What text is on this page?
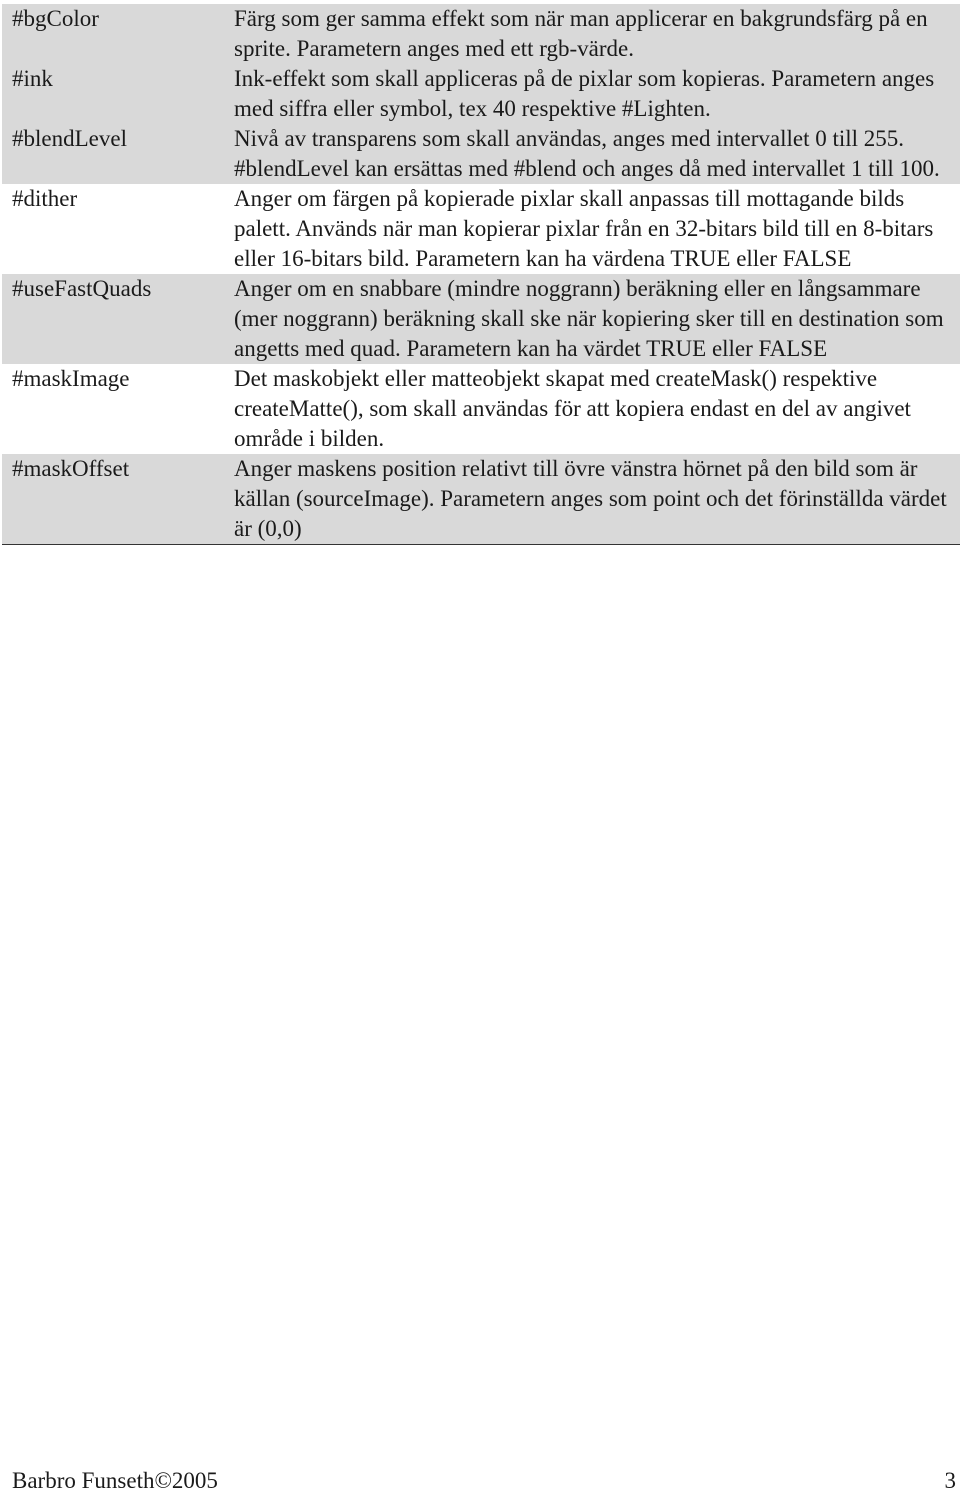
#bgColor	Färg som ger samma effekt som när man applicerar en bakgrundsfärg på en sprite. Parametern anges med ett rgb-värde.
#ink	Ink-effekt som skall appliceras på de pixlar som kopieras. Parametern anges med siffra eller symbol, tex 40 respektive #Lighten.
#blendLevel	Nivå av transparens som skall användas, anges med intervallet 0 till 255. #blendLevel kan ersättas med #blend och anges då med intervallet 1 till 100.
#dither	Anger om färgen på kopierade pixlar skall anpassas till mottagande bilds palett. Används när man kopierar pixlar från en 32-bitars bild till en 8-bitars eller 16-bitars bild. Parametern kan ha värdena TRUE eller FALSE
#useFastQuads	Anger om en snabbare (mindre noggrann) beräkning eller en långsammare (mer noggrann) beräkning skall ske när kopiering sker till en destination som angetts med quad. Parametern kan ha värdet TRUE eller FALSE
#maskImage	Det maskobjekt eller matteobjekt skapat med createMask() respektive createMatte(), som skall användas för att kopiera endast en del av angivet område i bilden.
#maskOffset	Anger maskens position relativt till övre vänstra hörnet på den bild som är källan (sourceImage). Parametern anges som point och det förinställda värdet är (0,0)
Barbro Funseth©2005	3
